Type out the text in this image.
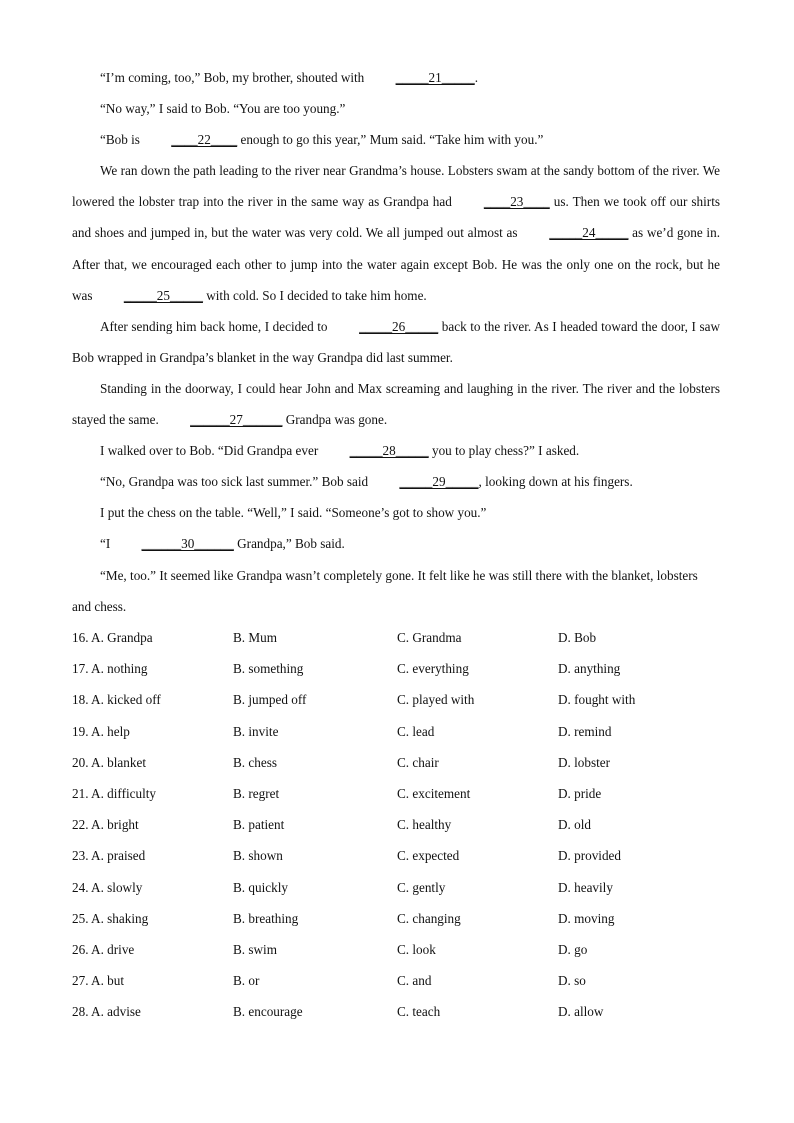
“I’m coming, too,” Bob, my brother, shouted with _____21_____.

“No way,” I said to Bob. “You are too young.”

“Bob is ____22____ enough to go this year,” Mum said. “Take him with you.”

We ran down the path leading to the river near Grandma’s house. Lobsters swam at the sandy bottom of the river. We lowered the lobster trap into the river in the same way as Grandpa had ____23____ us. Then we took off our shirts and shoes and jumped in, but the water was very cold. We all jumped out almost as _____24_____ as we’d gone in. After that, we encouraged each other to jump into the water again except Bob. He was the only one on the rock, but he was _____25_____ with cold. So I decided to take him home.

After sending him back home, I decided to _____26_____ back to the river. As I headed toward the door, I saw Bob wrapped in Grandpa’s blanket in the way Grandpa did last summer.

Standing in the doorway, I could hear John and Max screaming and laughing in the river. The river and the lobsters stayed the same. ______27______ Grandpa was gone.

I walked over to Bob. “Did Grandpa ever _____28_____ you to play chess?” I asked.

“No, Grandpa was too sick last summer.” Bob said _____29_____, looking down at his fingers.

I put the chess on the table. “Well,” I said. “Someone’s got to show you.”

“I ______30______ Grandpa,” Bob said.

“Me, too.” It seemed like Grandpa wasn’t completely gone. It felt like he was still there with the blanket, lobsters and chess.

16. A. Grandpa	B. Mum	C. Grandma	D. Bob
17. A. nothing	B. something	C. everything	D. anything
18. A. kicked off	B. jumped off	C. played with	D. fought with
19. A. help	B. invite	C. lead	D. remind
20. A. blanket	B. chess	C. chair	D. lobster
21. A. difficulty	B. regret	C. excitement	D. pride
22. A. bright	B. patient	C. healthy	D. old
23. A. praised	B. shown	C. expected	D. provided
24. A. slowly	B. quickly	C. gently	D. heavily
25. A. shaking	B. breathing	C. changing	D. moving
26. A. drive	B. swim	C. look	D. go
27. A. but	B. or	C. and	D. so
28. A. advise	B. encourage	C. teach	D. allow
